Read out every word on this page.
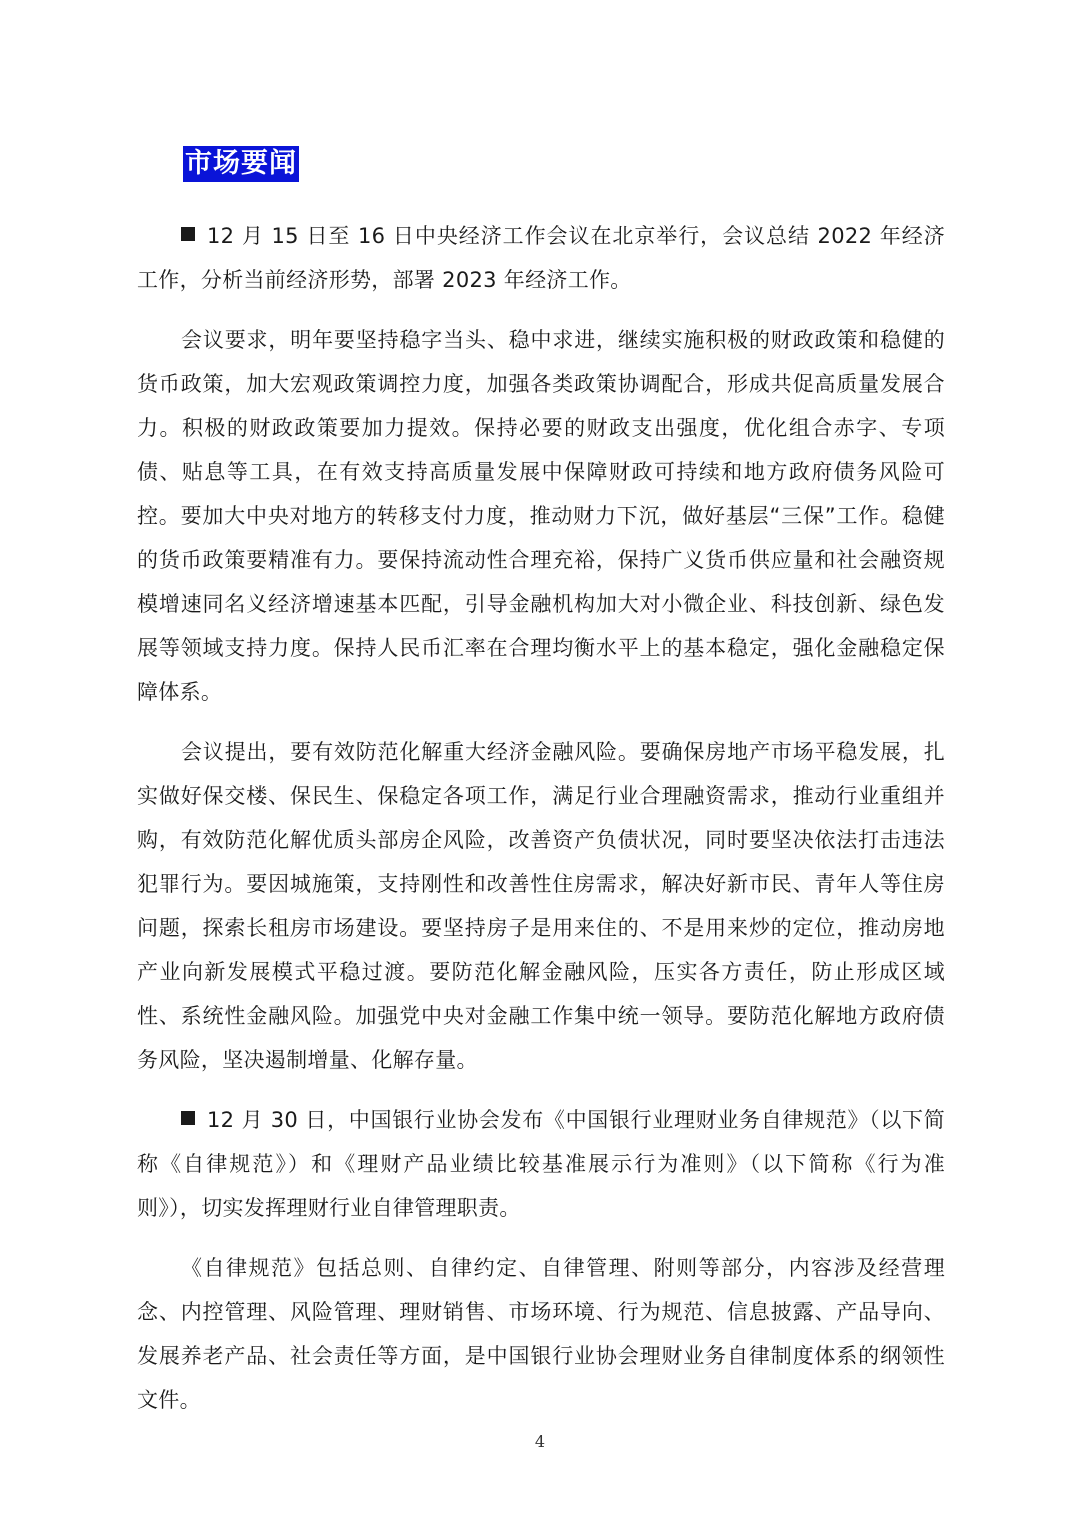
市场要闻

12 月 15 日至 16 日中央经济工作会议在北京举行，会议总结 2022 年经济工作，分析当前经济形势，部署 2023 年经济工作。

会议要求，明年要坚持稳字当头、稳中求进，继续实施积极的财政政策和稳健的货币政策，加大宏观政策调控力度，加强各类政策协调配合，形成共促高质量发展合力。积极的财政政策要加力提效。保持必要的财政支出强度，优化组合赤字、专项债、贴息等工具，在有效支持高质量发展中保障财政可持续和地方政府债务风险可控。要加大中央对地方的转移支付力度，推动财力下沉，做好基层“三保”工作。稳健的货币政策要精准有力。要保持流动性合理充裕，保持广义货币供应量和社会融资规模增速同名义经济增速基本匹配，引导金融机构加大对小微企业、科技创新、绿色发展等领域支持力度。保持人民币汇率在合理均衡水平上的基本稳定，强化金融稳定保障体系。

会议提出，要有效防范化解重大经济金融风险。要确保房地产市场平稳发展，扎实做好保交楼、保民生、保稳定各项工作，满足行业合理融资需求，推动行业重组并购，有效防范化解优质头部房企风险，改善资产负债状况，同时要坚决依法打击违法犯罪行为。要因城施策，支持刚性和改善性住房需求，解决好新市民、青年人等住房问题，探索长租房市场建设。要坚持房子是用来住的、不是用来炒的定位，推动房地产业向新发展模式平稳过渡。要防范化解金融风险，压实各方责任，防止形成区域性、系统性金融风险。加强党中央对金融工作集中统一领导。要防范化解地方政府债务风险，坚决遏制增量、化解存量。

12 月 30 日，中国银行业协会发布《中国银行业理财业务自律规范》（以下简称《自律规范》）和《理财产品业绩比较基准展示行为准则》（以下简称《行为准则》），切实发挥理财行业自律管理职责。

《自律规范》包括总则、自律约定、自律管理、附则等部分，内容涉及经营理念、内控管理、风险管理、理财销售、市场环境、行为规范、信息披露、产品导向、发展养老产品、社会责任等方面，是中国银行业协会理财业务自律制度体系的纲领性文件。

4
